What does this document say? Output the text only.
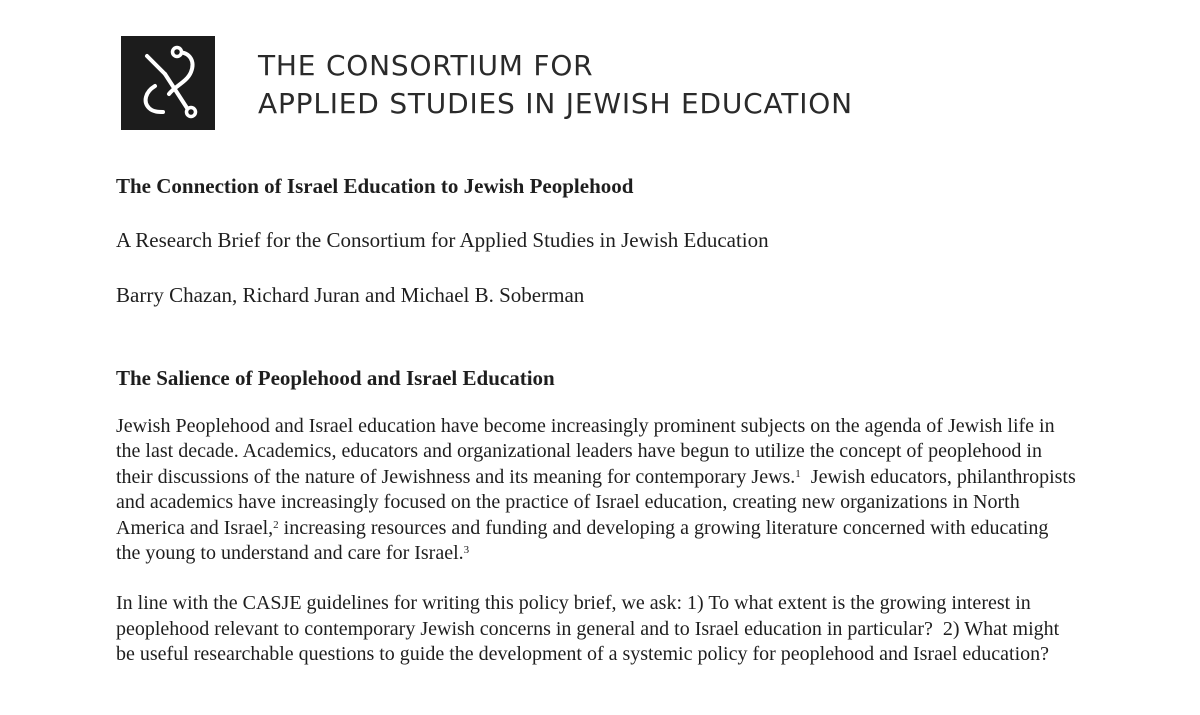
THE CONSORTIUM FOR
APPLIED STUDIES IN JEWISH EDUCATION
The Connection of Israel Education to Jewish Peoplehood

A Research Brief for the Consortium for Applied Studies in Jewish Education

Barry Chazan, Richard Juran and Michael B. Soberman

The Salience of Peoplehood and Israel Education

Jewish Peoplehood and Israel education have become increasingly prominent subjects on the agenda of Jewish life in the last decade. Academics, educators and organizational leaders have begun to utilize the concept of peoplehood in their discussions of the nature of Jewishness and its meaning for contemporary Jews.$^1$  Jewish educators, philanthropists and academics have increasingly focused on the practice of Israel education, creating new organizations in North America and Israel,$^2$ increasing resources and funding and developing a growing literature concerned with educating the young to understand and care for Israel.$^3$

In line with the CASJE guidelines for writing this policy brief, we ask: 1) To what extent is the growing interest in peoplehood relevant to contemporary Jewish concerns in general and to Israel education in particular?  2) What might be useful researchable questions to guide the development of a systemic policy for peoplehood and Israel education?
